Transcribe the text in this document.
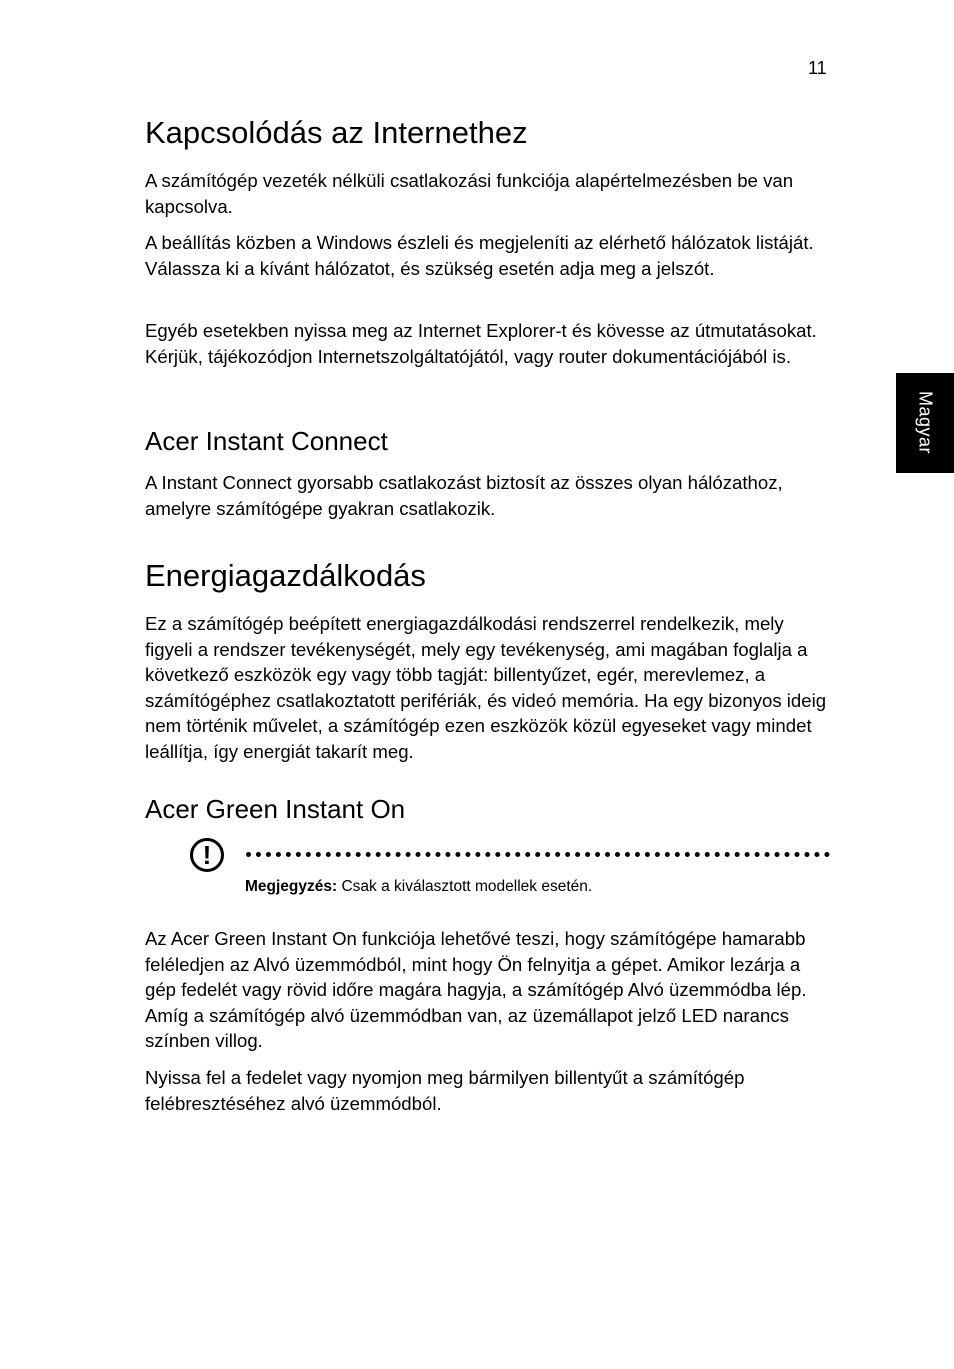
11
Magyar
Kapcsolódás az Internethez

A számítógép vezeték nélküli csatlakozási funkciója alapértelmezésben be van kapcsolva.

A beállítás közben a Windows észleli és megjeleníti az elérhető hálózatok listáját. Válassza ki a kívánt hálózatot, és szükség esetén adja meg a jelszót.

Egyéb esetekben nyissa meg az Internet Explorer-t és kövesse az útmutatásokat. Kérjük, tájékozódjon Internetszolgáltatójától, vagy router dokumentációjából is.

Acer Instant Connect

A Instant Connect gyorsabb csatlakozást biztosít az összes olyan hálózathoz, amelyre számítógépe gyakran csatlakozik.

Energiagazdálkodás

Ez a számítógép beépített energiagazdálkodási rendszerrel rendelkezik, mely figyeli a rendszer tevékenységét, mely egy tevékenység, ami magában foglalja a következő eszközök egy vagy több tagját: billentyűzet, egér, merevlemez, a számítógéphez csatlakoztatott perifériák, és videó memória. Ha egy bizonyos ideig nem történik művelet, a számítógép ezen eszközök közül egyeseket vagy mindet leállítja, így energiát takarít meg.

Acer Green Instant On

Az Acer Green Instant On funkciója lehetővé teszi, hogy számítógépe hamarabb feléledjen az Alvó üzemmódból, mint hogy Ön felnyitja a gépet. Amikor lezárja a gép fedelét vagy rövid időre magára hagyja, a számítógép Alvó üzemmódba lép. Amíg a számítógép alvó üzemmódban van, az üzemállapot jelző LED narancs színben villog.

Nyissa fel a fedelet vagy nyomjon meg bármilyen billentyűt a számítógép felébresztéséhez alvó üzemmódból.

!
Megjegyzés: Csak a kiválasztott modellek esetén.
